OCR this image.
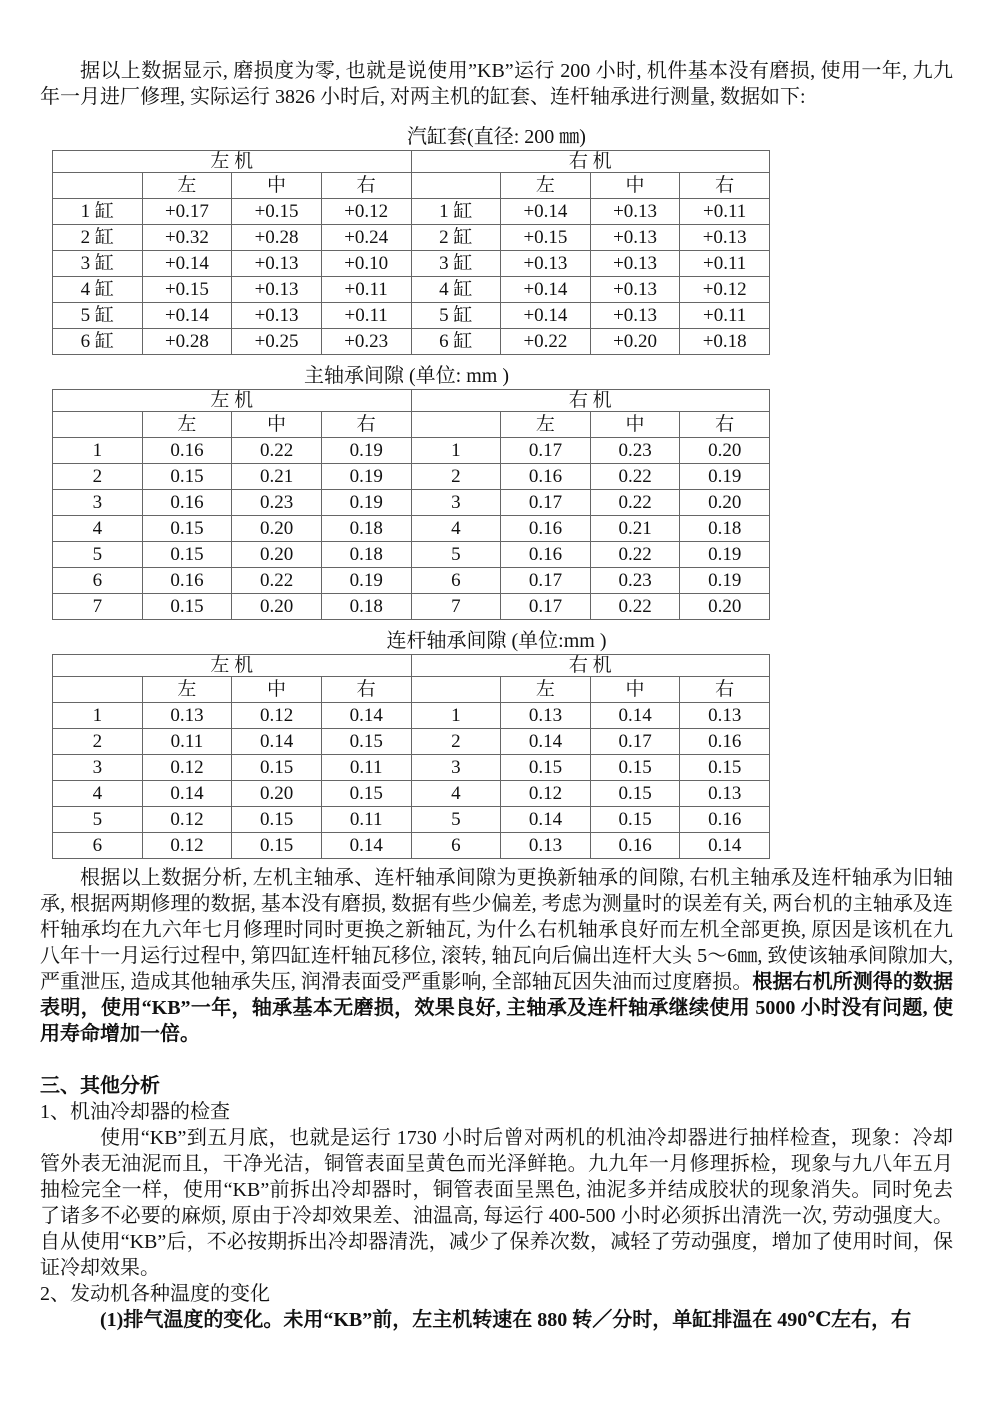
据以上数据显示, 磨损度为零, 也就是说使用”KB”运行 200 小时, 机件基本没有磨损, 使用一年, 九九年一月进厂修理, 实际运行 3826 小时后, 对两主机的缸套、连杆轴承进行测量, 数据如下:

汽缸套(直径: 200 ㎜)
左 机				右 机			
	左	中	右		左	中	右
1 缸	+0.17	+0.15	+0.12	1 缸	+0.14	+0.13	+0.11
2 缸	+0.32	+0.28	+0.24	2 缸	+0.15	+0.13	+0.13
3 缸	+0.14	+0.13	+0.10	3 缸	+0.13	+0.13	+0.11
4 缸	+0.15	+0.13	+0.11	4 缸	+0.14	+0.13	+0.12
5 缸	+0.14	+0.13	+0.11	5 缸	+0.14	+0.13	+0.11
6 缸	+0.28	+0.25	+0.23	6 缸	+0.22	+0.20	+0.18
主轴承间隙 (单位: mm )
左 机				右 机			
	左	中	右		左	中	右
1	0.16	0.22	0.19	1	0.17	0.23	0.20
2	0.15	0.21	0.19	2	0.16	0.22	0.19
3	0.16	0.23	0.19	3	0.17	0.22	0.20
4	0.15	0.20	0.18	4	0.16	0.21	0.18
5	0.15	0.20	0.18	5	0.16	0.22	0.19
6	0.16	0.22	0.19	6	0.17	0.23	0.19
7	0.15	0.20	0.18	7	0.17	0.22	0.20
连杆轴承间隙 (单位:mm )
左 机				右 机			
	左	中	右		左	中	右
1	0.13	0.12	0.14	1	0.13	0.14	0.13
2	0.11	0.14	0.15	2	0.14	0.17	0.16
3	0.12	0.15	0.11	3	0.15	0.15	0.15
4	0.14	0.20	0.15	4	0.12	0.15	0.13
5	0.12	0.15	0.11	5	0.14	0.15	0.16
6	0.12	0.15	0.14	6	0.13	0.16	0.14

根据以上数据分析, 左机主轴承、连杆轴承间隙为更换新轴承的间隙, 右机主轴承及连杆轴承为旧轴承, 根据两期修理的数据, 基本没有磨损, 数据有些少偏差, 考虑为测量时的误差有关, 两台机的主轴承及连杆轴承均在九六年七月修理时同时更换之新轴瓦, 为什么右机轴承良好而左机全部更换, 原因是该机在九八年十一月运行过程中, 第四缸连杆轴瓦移位, 滚转, 轴瓦向后偏出连杆大头 5～6㎜, 致使该轴承间隙加大, 严重泄压, 造成其他轴承失压, 润滑表面受严重影响, 全部轴瓦因失油而过度磨损。根据右机所测得的数据表明，使用“KB”一年，轴承基本无磨损，效果良好, 主轴承及连杆轴承继续使用 5000 小时没有问题, 使用寿命增加一倍。

三、其他分析

1、机油冷却器的检查

使用“KB”到五月底，也就是运行 1730 小时后曾对两机的机油冷却器进行抽样检查，现象：冷却管外表无油泥而且，干净光洁，铜管表面呈黄色而光泽鲜艳。九九年一月修理拆检，现象与九八年五月抽检完全一样，使用“KB”前拆出冷却器时，铜管表面呈黑色, 油泥多并结成胶状的现象消失。同时免去了诸多不必要的麻烦, 原由于冷却效果差、油温高, 每运行 400-500 小时必须拆出清洗一次, 劳动强度大。自从使用“KB”后，不必按期拆出冷却器清洗，减少了保养次数，减轻了劳动强度，增加了使用时间，保证冷却效果。

2、发动机各种温度的变化

(1)排气温度的变化。未用“KB”前，左主机转速在 880 转／分时，单缸排温在 490℃左右，右
